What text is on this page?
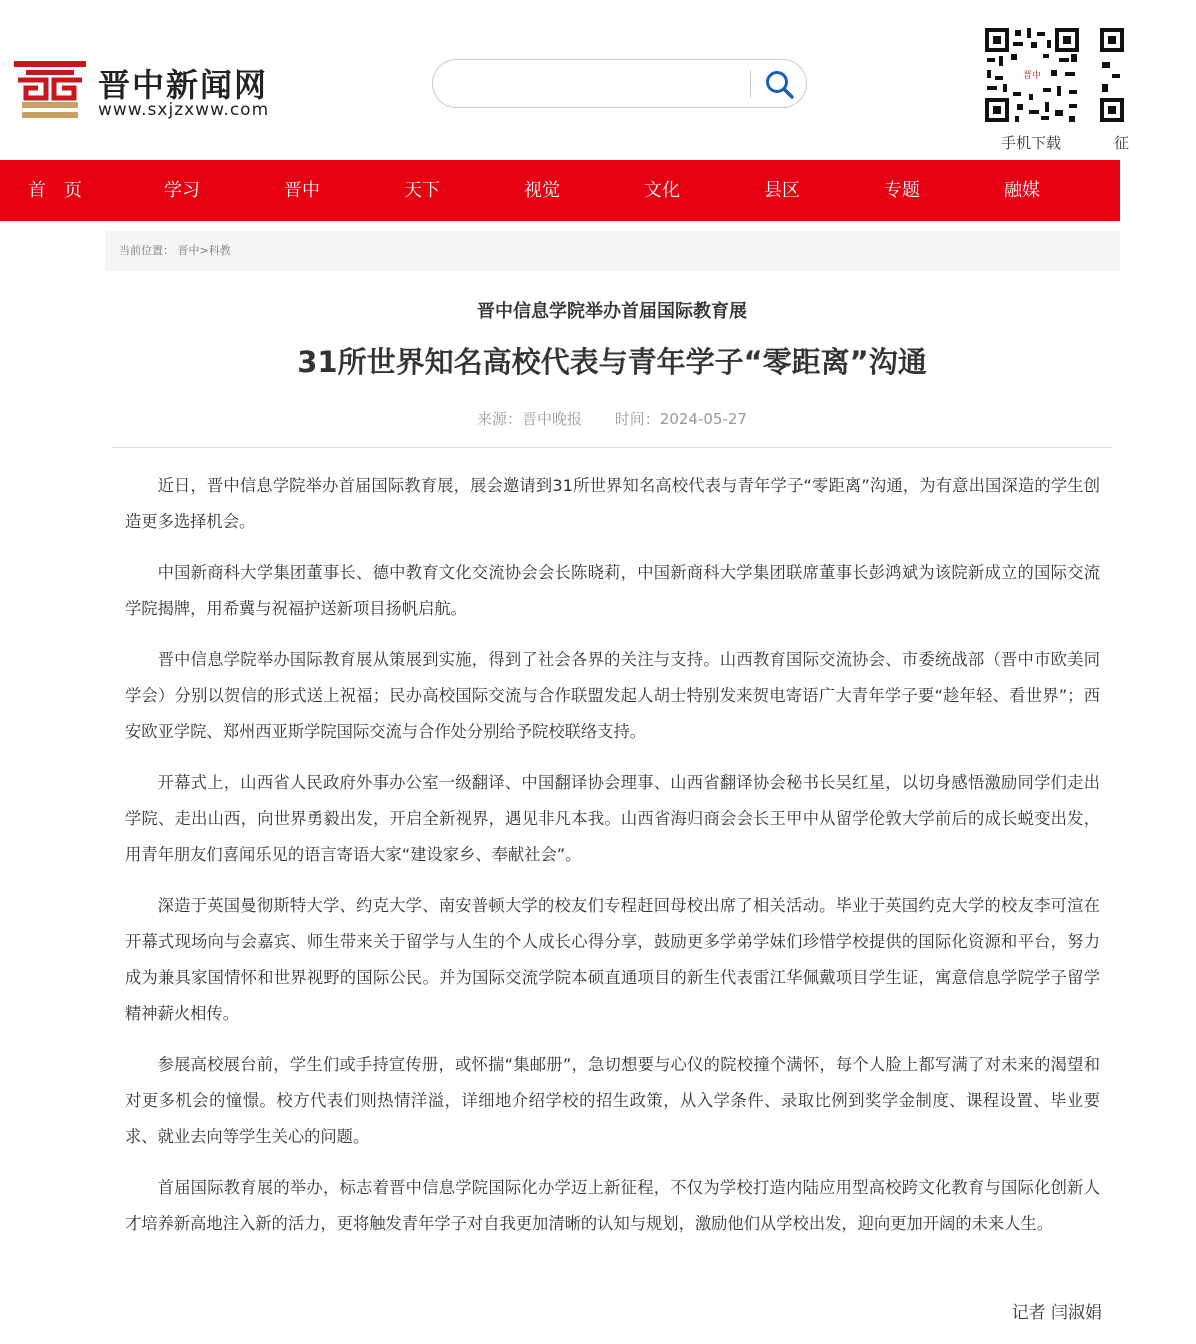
晋中新闻网
www.sxjzxww.com
晋中
手机下载	征
首　页	学习	晋中	天下	视觉	文化	县区	专题	融媒
当前位置： 晋中>科教
晋中信息学院举办首届国际教育展
31所世界知名高校代表与青年学子“零距离”沟通
来源：晋中晚报 时间：2024-05-27

近日，晋中信息学院举办首届国际教育展，展会邀请到31所世界知名高校代表与青年学子“零距离”沟通，为有意出国深造的学生创造更多选择机会。

中国新商科大学集团董事长、德中教育文化交流协会会长陈晓莉，中国新商科大学集团联席董事长彭鸿斌为该院新成立的国际交流学院揭牌，用希冀与祝福护送新项目扬帆启航。

晋中信息学院举办国际教育展从策展到实施，得到了社会各界的关注与支持。山西教育国际交流协会、市委统战部（晋中市欧美同学会）分别以贺信的形式送上祝福；民办高校国际交流与合作联盟发起人胡士特别发来贺电寄语广大青年学子要“趁年轻、看世界”；西安欧亚学院、郑州西亚斯学院国际交流与合作处分别给予院校联络支持。

开幕式上，山西省人民政府外事办公室一级翻译、中国翻译协会理事、山西省翻译协会秘书长吴红星，以切身感悟激励同学们走出学院、走出山西，向世界勇毅出发，开启全新视界，遇见非凡本我。山西省海归商会会长王甲中从留学伦敦大学前后的成长蜕变出发，用青年朋友们喜闻乐见的语言寄语大家“建设家乡、奉献社会”。

深造于英国曼彻斯特大学、约克大学、南安普顿大学的校友们专程赶回母校出席了相关活动。毕业于英国约克大学的校友李可渲在开幕式现场向与会嘉宾、师生带来关于留学与人生的个人成长心得分享，鼓励更多学弟学妹们珍惜学校提供的国际化资源和平台，努力成为兼具家国情怀和世界视野的国际公民。并为国际交流学院本硕直通项目的新生代表雷江华佩戴项目学生证，寓意信息学院学子留学精神薪火相传。

参展高校展台前，学生们或手持宣传册，或怀揣“集邮册”，急切想要与心仪的院校撞个满怀，每个人脸上都写满了对未来的渴望和对更多机会的憧憬。校方代表们则热情洋溢，详细地介绍学校的招生政策，从入学条件、录取比例到奖学金制度、课程设置、毕业要求、就业去向等学生关心的问题。

首届国际教育展的举办，标志着晋中信息学院国际化办学迈上新征程，不仅为学校打造内陆应用型高校跨文化教育与国际化创新人才培养新高地注入新的活力，更将触发青年学子对自我更加清晰的认知与规划，激励他们从学校出发，迎向更加开阔的未来人生。

记者 闫淑娟
